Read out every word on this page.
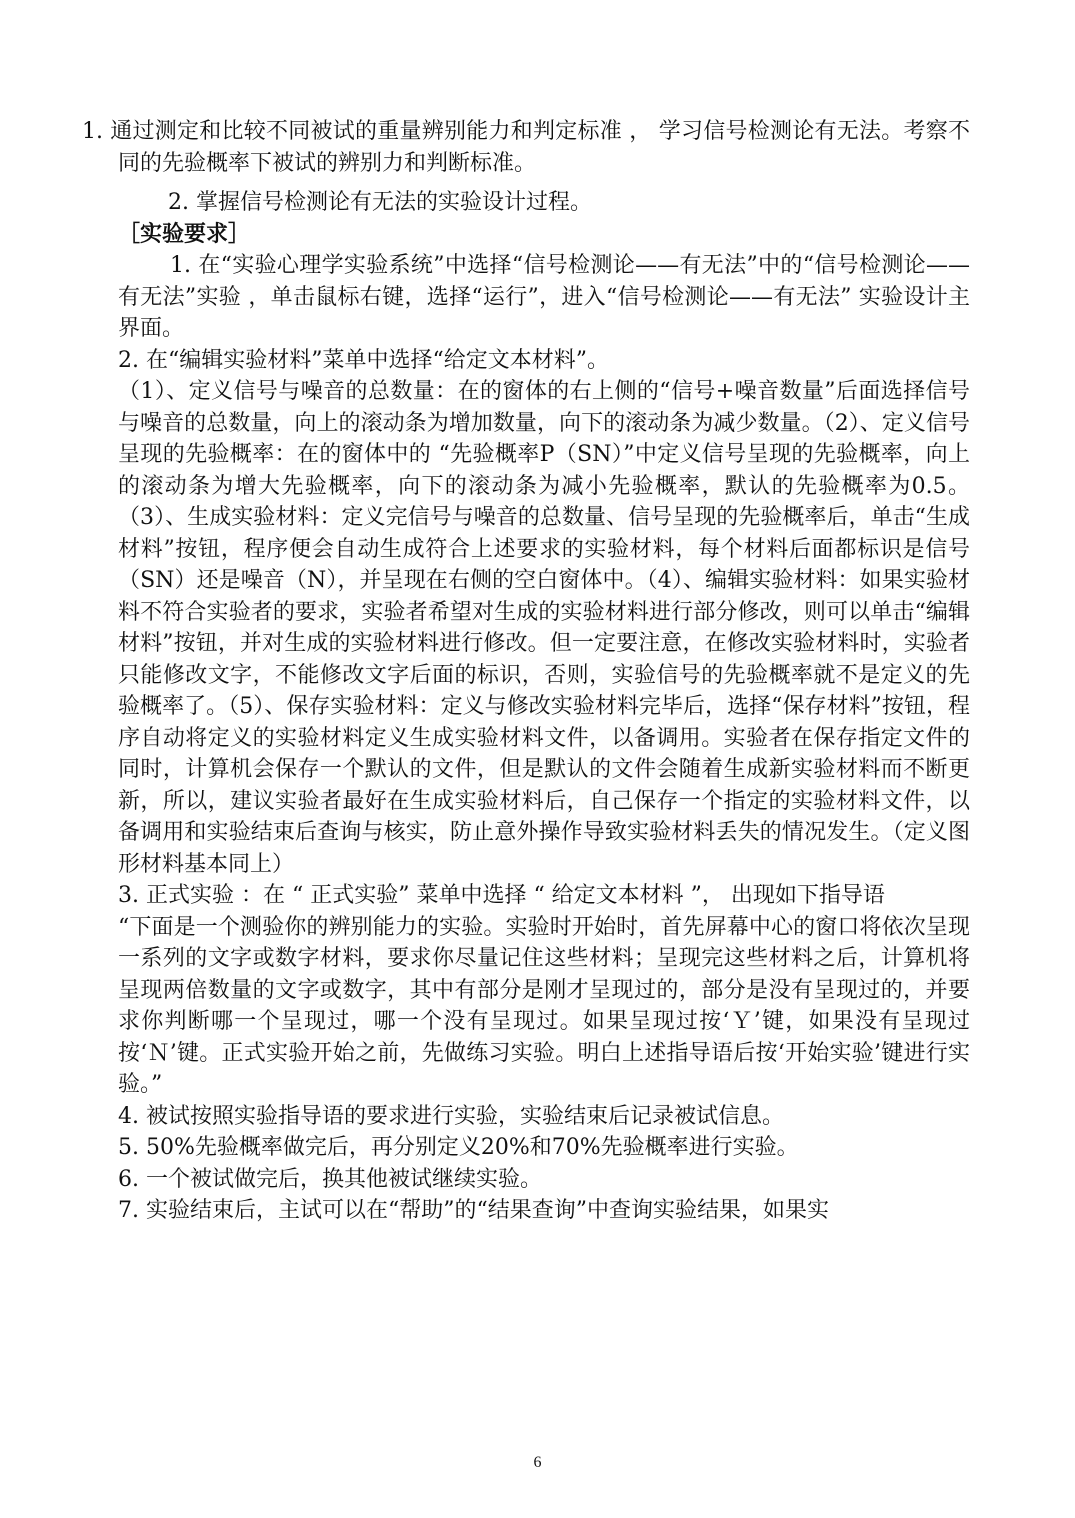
1. 通过测定和比较不同被试的重量辨别能力和判定标准 ， 学习信号检测论有无法。考察不同的先验概率下被试的辨别力和判断标准。

2. 掌握信号检测论有无法的实验设计过程。

［实验要求］

1. 在“实验心理学实验系统”中选择“信号检测论——有无法”中的“信号检测论——有无法”实验 ，单击鼠标右键，选择“运行”，进入“信号检测论——有无法” 实验设计主界面。

2. 在“编辑实验材料”菜单中选择“给定文本材料”。

（1）、定义信号与噪音的总数量：在的窗体的右上侧的“信号+噪音数量”后面选择信号与噪音的总数量，向上的滚动条为增加数量，向下的滚动条为减少数量。（2）、定义信号呈现的先验概率：在的窗体中的 “先验概率P（SN）”中定义信号呈现的先验概率，向上的滚动条为增大先验概率，向下的滚动条为减小先验概率，默认的先验概率为0.5。（3）、生成实验材料：定义完信号与噪音的总数量、信号呈现的先验概率后，单击“生成材料”按钮，程序便会自动生成符合上述要求的实验材料，每个材料后面都标识是信号（SN）还是噪音（N），并呈现在右侧的空白窗体中。（4）、编辑实验材料：如果实验材料不符合实验者的要求，实验者希望对生成的实验材料进行部分修改，则可以单击“编辑材料”按钮，并对生成的实验材料进行修改。但一定要注意，在修改实验材料时，实验者只能修改文字，不能修改文字后面的标识，否则，实验信号的先验概率就不是定义的先验概率了。（5）、保存实验材料：定义与修改实验材料完毕后，选择“保存材料”按钮，程序自动将定义的实验材料定义生成实验材料文件，以备调用。实验者在保存指定文件的同时，计算机会保存一个默认的文件，但是默认的文件会随着生成新实验材料而不断更新，所以，建议实验者最好在生成实验材料后，自己保存一个指定的实验材料文件，以备调用和实验结束后查询与核实，防止意外操作导致实验材料丢失的情况发生。（定义图形材料基本同上）

3. 正式实验 ：在 “ 正式实验” 菜单中选择 “ 给定文本材料 ”， 出现如下指导语

“下面是一个测验你的辨别能力的实验。实验时开始时，首先屏幕中心的窗口将依次呈现一系列的文字或数字材料，要求你尽量记住这些材料；呈现完这些材料之后，计算机将呈现两倍数量的文字或数字，其中有部分是刚才呈现过的，部分是没有呈现过的，并要求你判断哪一个呈现过，哪一个没有呈现过。如果呈现过按‘Ｙ’键，如果没有呈现过按‘Ｎ’键。正式实验开始之前，先做练习实验。明白上述指导语后按‘开始实验’键进行实验。”

4. 被试按照实验指导语的要求进行实验，实验结束后记录被试信息。

5. 50%先验概率做完后，再分别定义20%和70%先验概率进行实验。

6. 一个被试做完后，换其他被试继续实验。

7. 实验结束后，主试可以在“帮助”的“结果查询”中查询实验结果，如果实

6
